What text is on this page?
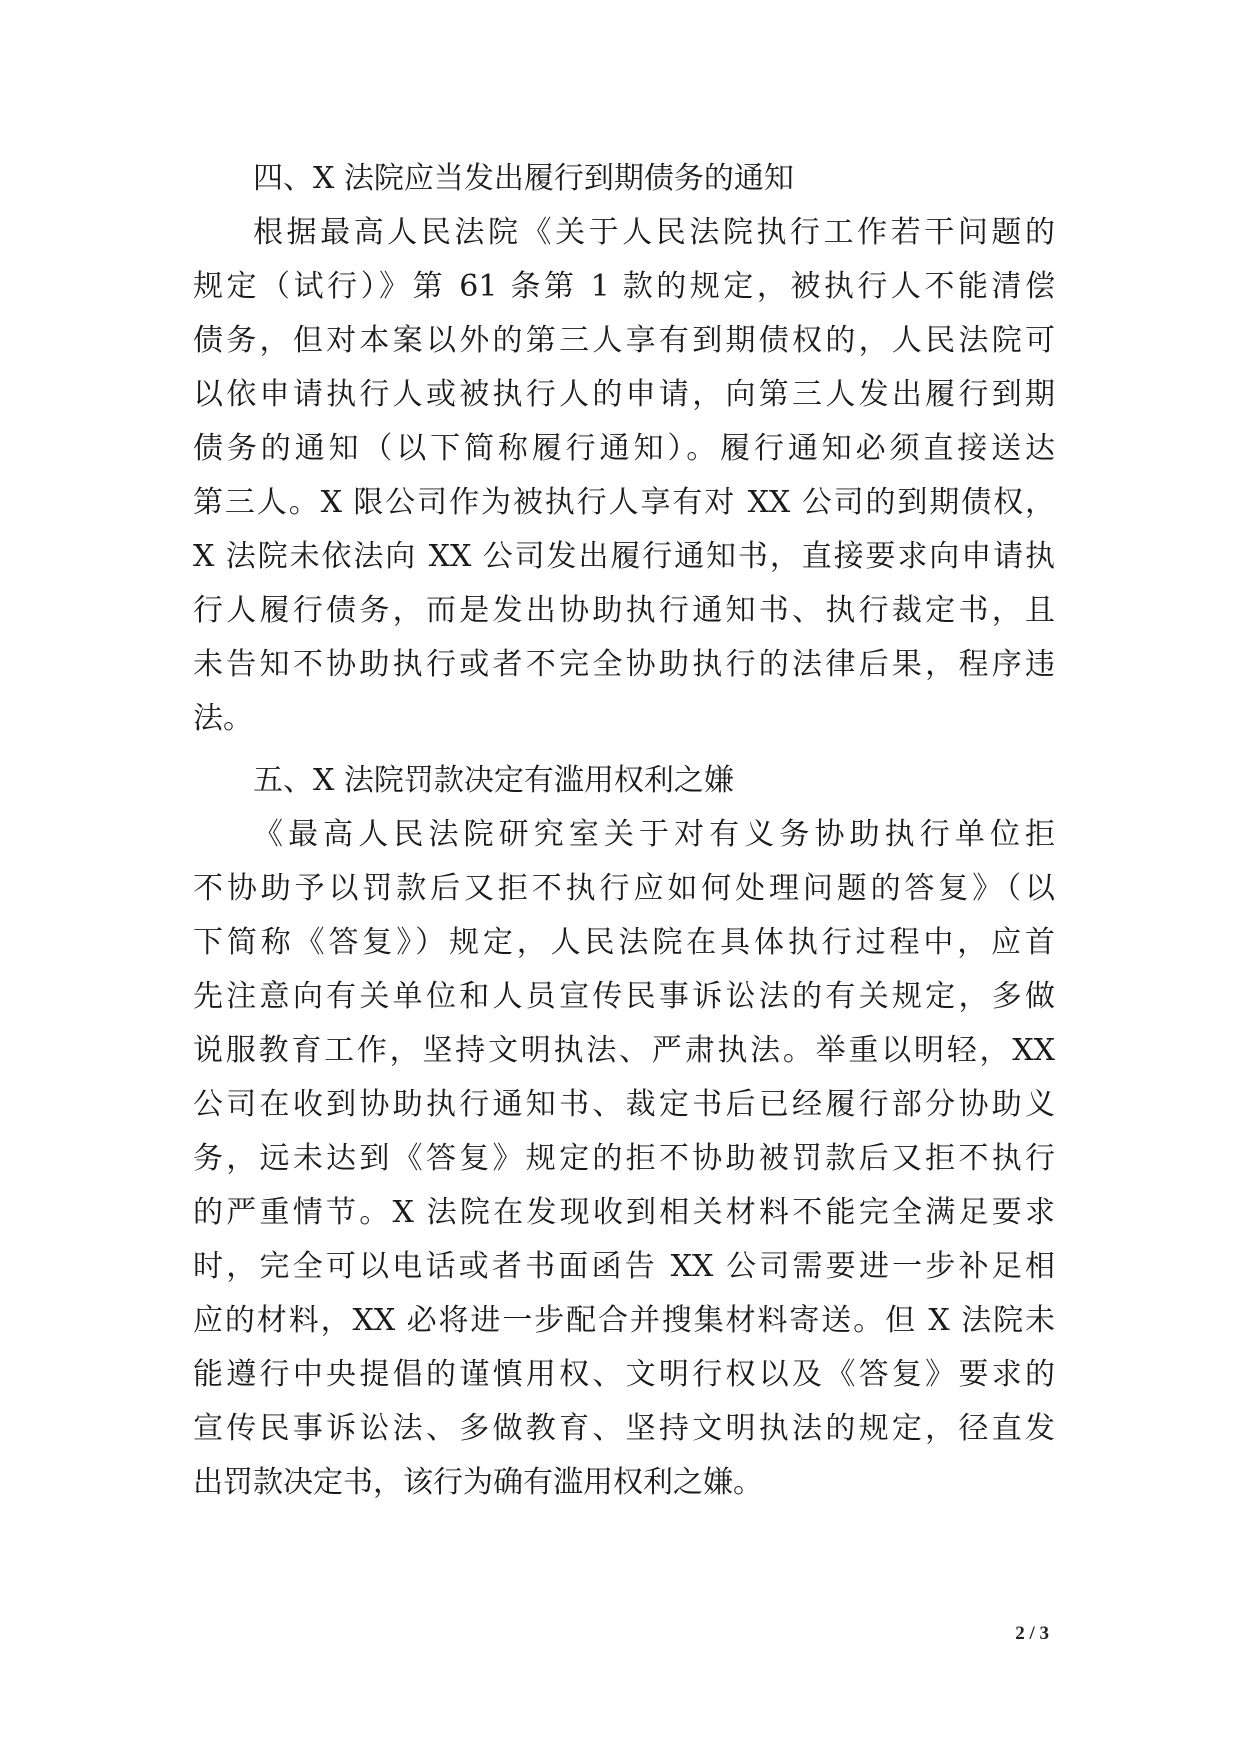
四、X 法院应当发出履行到期债务的通知
根据最高人民法院《关于人民法院执行工作若干问题的
规定（试行）》第 61 条第 1 款的规定，被执行人不能清偿
债务，但对本案以外的第三人享有到期债权的，人民法院可
以依申请执行人或被执行人的申请，向第三人发出履行到期
债务的通知（以下简称履行通知）。履行通知必须直接送达
第三人。X 限公司作为被执行人享有对 XX 公司的到期债权，
X 法院未依法向 XX 公司发出履行通知书，直接要求向申请执
行人履行债务，而是发出协助执行通知书、执行裁定书，且
未告知不协助执行或者不完全协助执行的法律后果，程序违
法。
五、X 法院罚款决定有滥用权利之嫌
《最高人民法院研究室关于对有义务协助执行单位拒
不协助予以罚款后又拒不执行应如何处理问题的答复》（以
下简称《答复》）规定，人民法院在具体执行过程中，应首
先注意向有关单位和人员宣传民事诉讼法的有关规定，多做
说服教育工作，坚持文明执法、严肃执法。举重以明轻，XX
公司在收到协助执行通知书、裁定书后已经履行部分协助义
务，远未达到《答复》规定的拒不协助被罚款后又拒不执行
的严重情节。X 法院在发现收到相关材料不能完全满足要求
时，完全可以电话或者书面函告 XX 公司需要进一步补足相
应的材料，XX 必将进一步配合并搜集材料寄送。但 X 法院未
能遵行中央提倡的谨慎用权、文明行权以及《答复》要求的
宣传民事诉讼法、多做教育、坚持文明执法的规定，径直发
出罚款决定书，该行为确有滥用权利之嫌。
2 / 3
